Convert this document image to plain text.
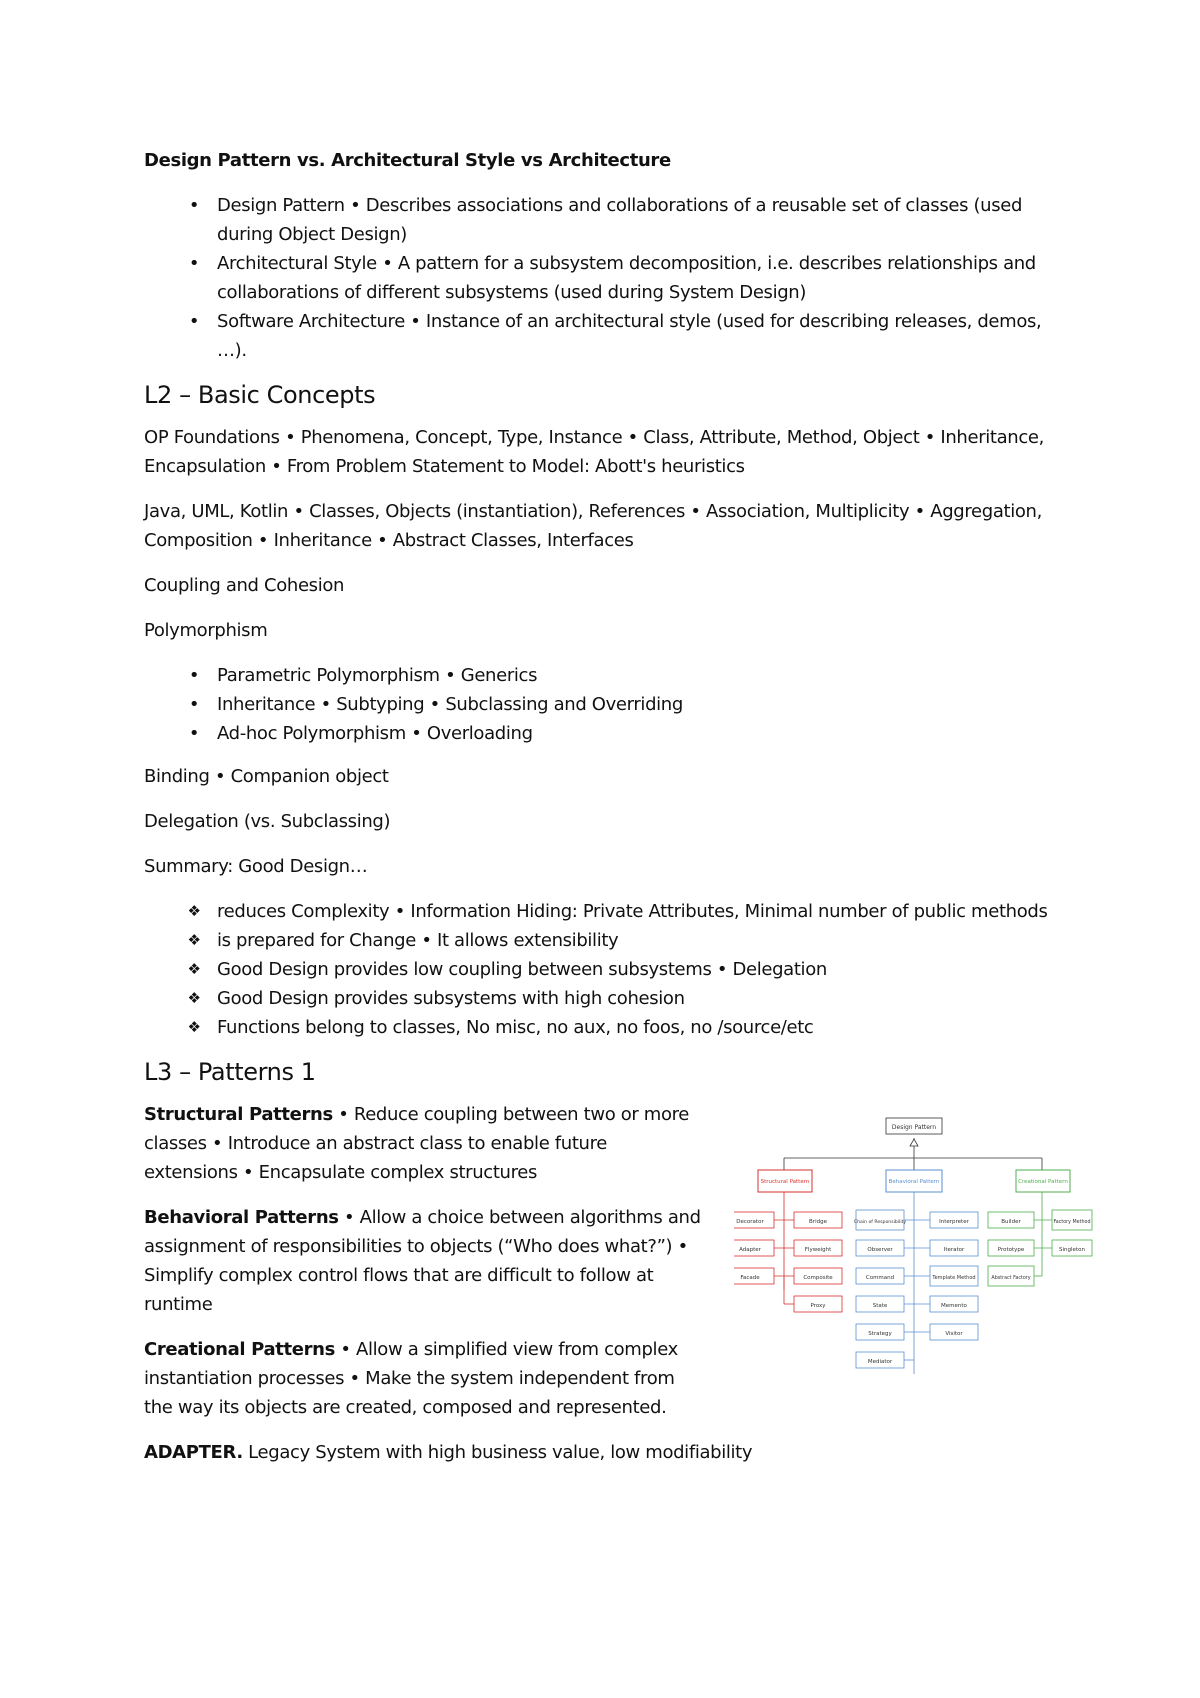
Design Pattern vs. Architectural Style vs Architecture
• Design Pattern • Describes associations and collaborations of a reusable set of classes (used during Object Design)
• Architectural Style • A pattern for a subsystem decomposition, i.e. describes relationships and collaborations of different subsystems (used during System Design)
• Software Architecture • Instance of an architectural style (used for describing releases, demos, …).
L2 – Basic Concepts

OP Foundations • Phenomena, Concept, Type, Instance • Class, Attribute, Method, Object • Inheritance, Encapsulation • From Problem Statement to Model: Abott's heuristics

Java, UML, Kotlin • Classes, Objects (instantiation), References • Association, Multiplicity • Aggregation, Composition • Inheritance • Abstract Classes, Interfaces

Coupling and Cohesion

Polymorphism

• Parametric Polymorphism • Generics
• Inheritance • Subtyping • Subclassing and Overriding
• Ad-hoc Polymorphism • Overloading

Binding • Companion object

Delegation (vs. Subclassing)

Summary: Good Design…

❖ reduces Complexity • Information Hiding: Private Attributes, Minimal number of public methods
❖ is prepared for Change • It allows extensibility
❖ Good Design provides low coupling between subsystems • Delegation
❖ Good Design provides subsystems with high cohesion
❖ Functions belong to classes, No misc, no aux, no foos, no /source/etc
L3 – Patterns 1

Structural Patterns • Reduce coupling between two or more classes • Introduce an abstract class to enable future extensions • Encapsulate complex structures

Behavioral Patterns • Allow a choice between algorithms and assignment of responsibilities to objects (“Who does what?”) • Simplify complex control flows that are difficult to follow at runtime

Creational Patterns • Allow a simplified view from complex instantiation processes • Make the system independent from the way its objects are created, composed and represented.

Design Pattern
Structural Pattern	Behavioral Pattern	Creational Pattern
Decorator	Bridge
Adapter	Flyweight
Facade	Composite
Proxy
Chain of Responsibility	Interpreter
Observer	Iterator
Command	Template Method
State	Memento
Strategy	Visitor
Mediator
Builder	Factory Method
Prototype	Singleton
Abstract Factory

ADAPTER. Legacy System with high business value, low modifiability
